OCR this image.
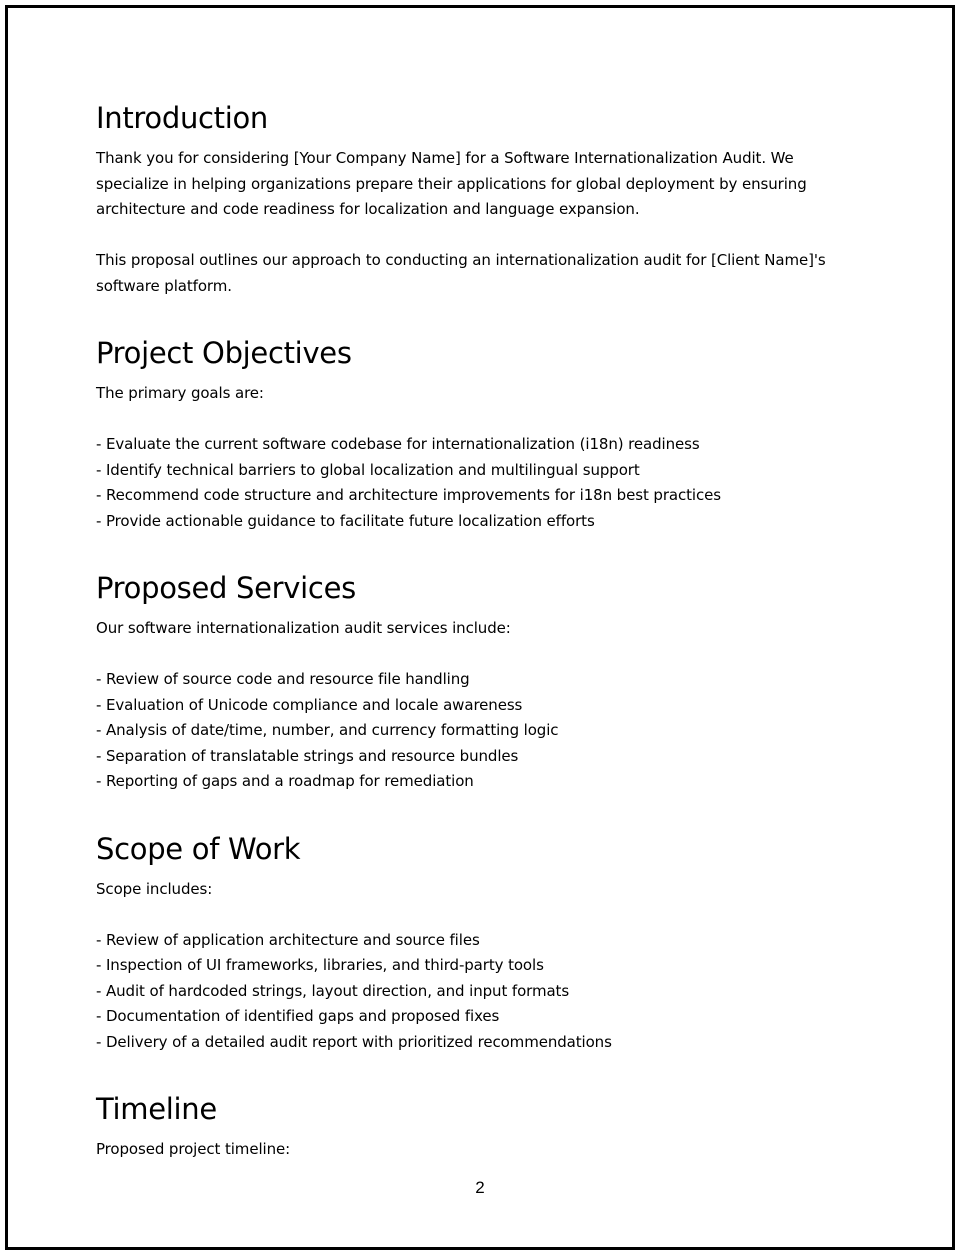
Introduction

Thank you for considering [Your Company Name] for a Software Internationalization Audit. We specialize in helping organizations prepare their applications for global deployment by ensuring architecture and code readiness for localization and language expansion.

This proposal outlines our approach to conducting an internationalization audit for [Client Name]'s software platform.

Project Objectives

The primary goals are:

- Evaluate the current software codebase for internationalization (i18n) readiness
- Identify technical barriers to global localization and multilingual support
- Recommend code structure and architecture improvements for i18n best practices
- Provide actionable guidance to facilitate future localization efforts
Proposed Services

Our software internationalization audit services include:

- Review of source code and resource file handling
- Evaluation of Unicode compliance and locale awareness
- Analysis of date/time, number, and currency formatting logic
- Separation of translatable strings and resource bundles
- Reporting of gaps and a roadmap for remediation
Scope of Work

Scope includes:

- Review of application architecture and source files
- Inspection of UI frameworks, libraries, and third-party tools
- Audit of hardcoded strings, layout direction, and input formats
- Documentation of identified gaps and proposed fixes
- Delivery of a detailed audit report with prioritized recommendations
Timeline

Proposed project timeline:

2
